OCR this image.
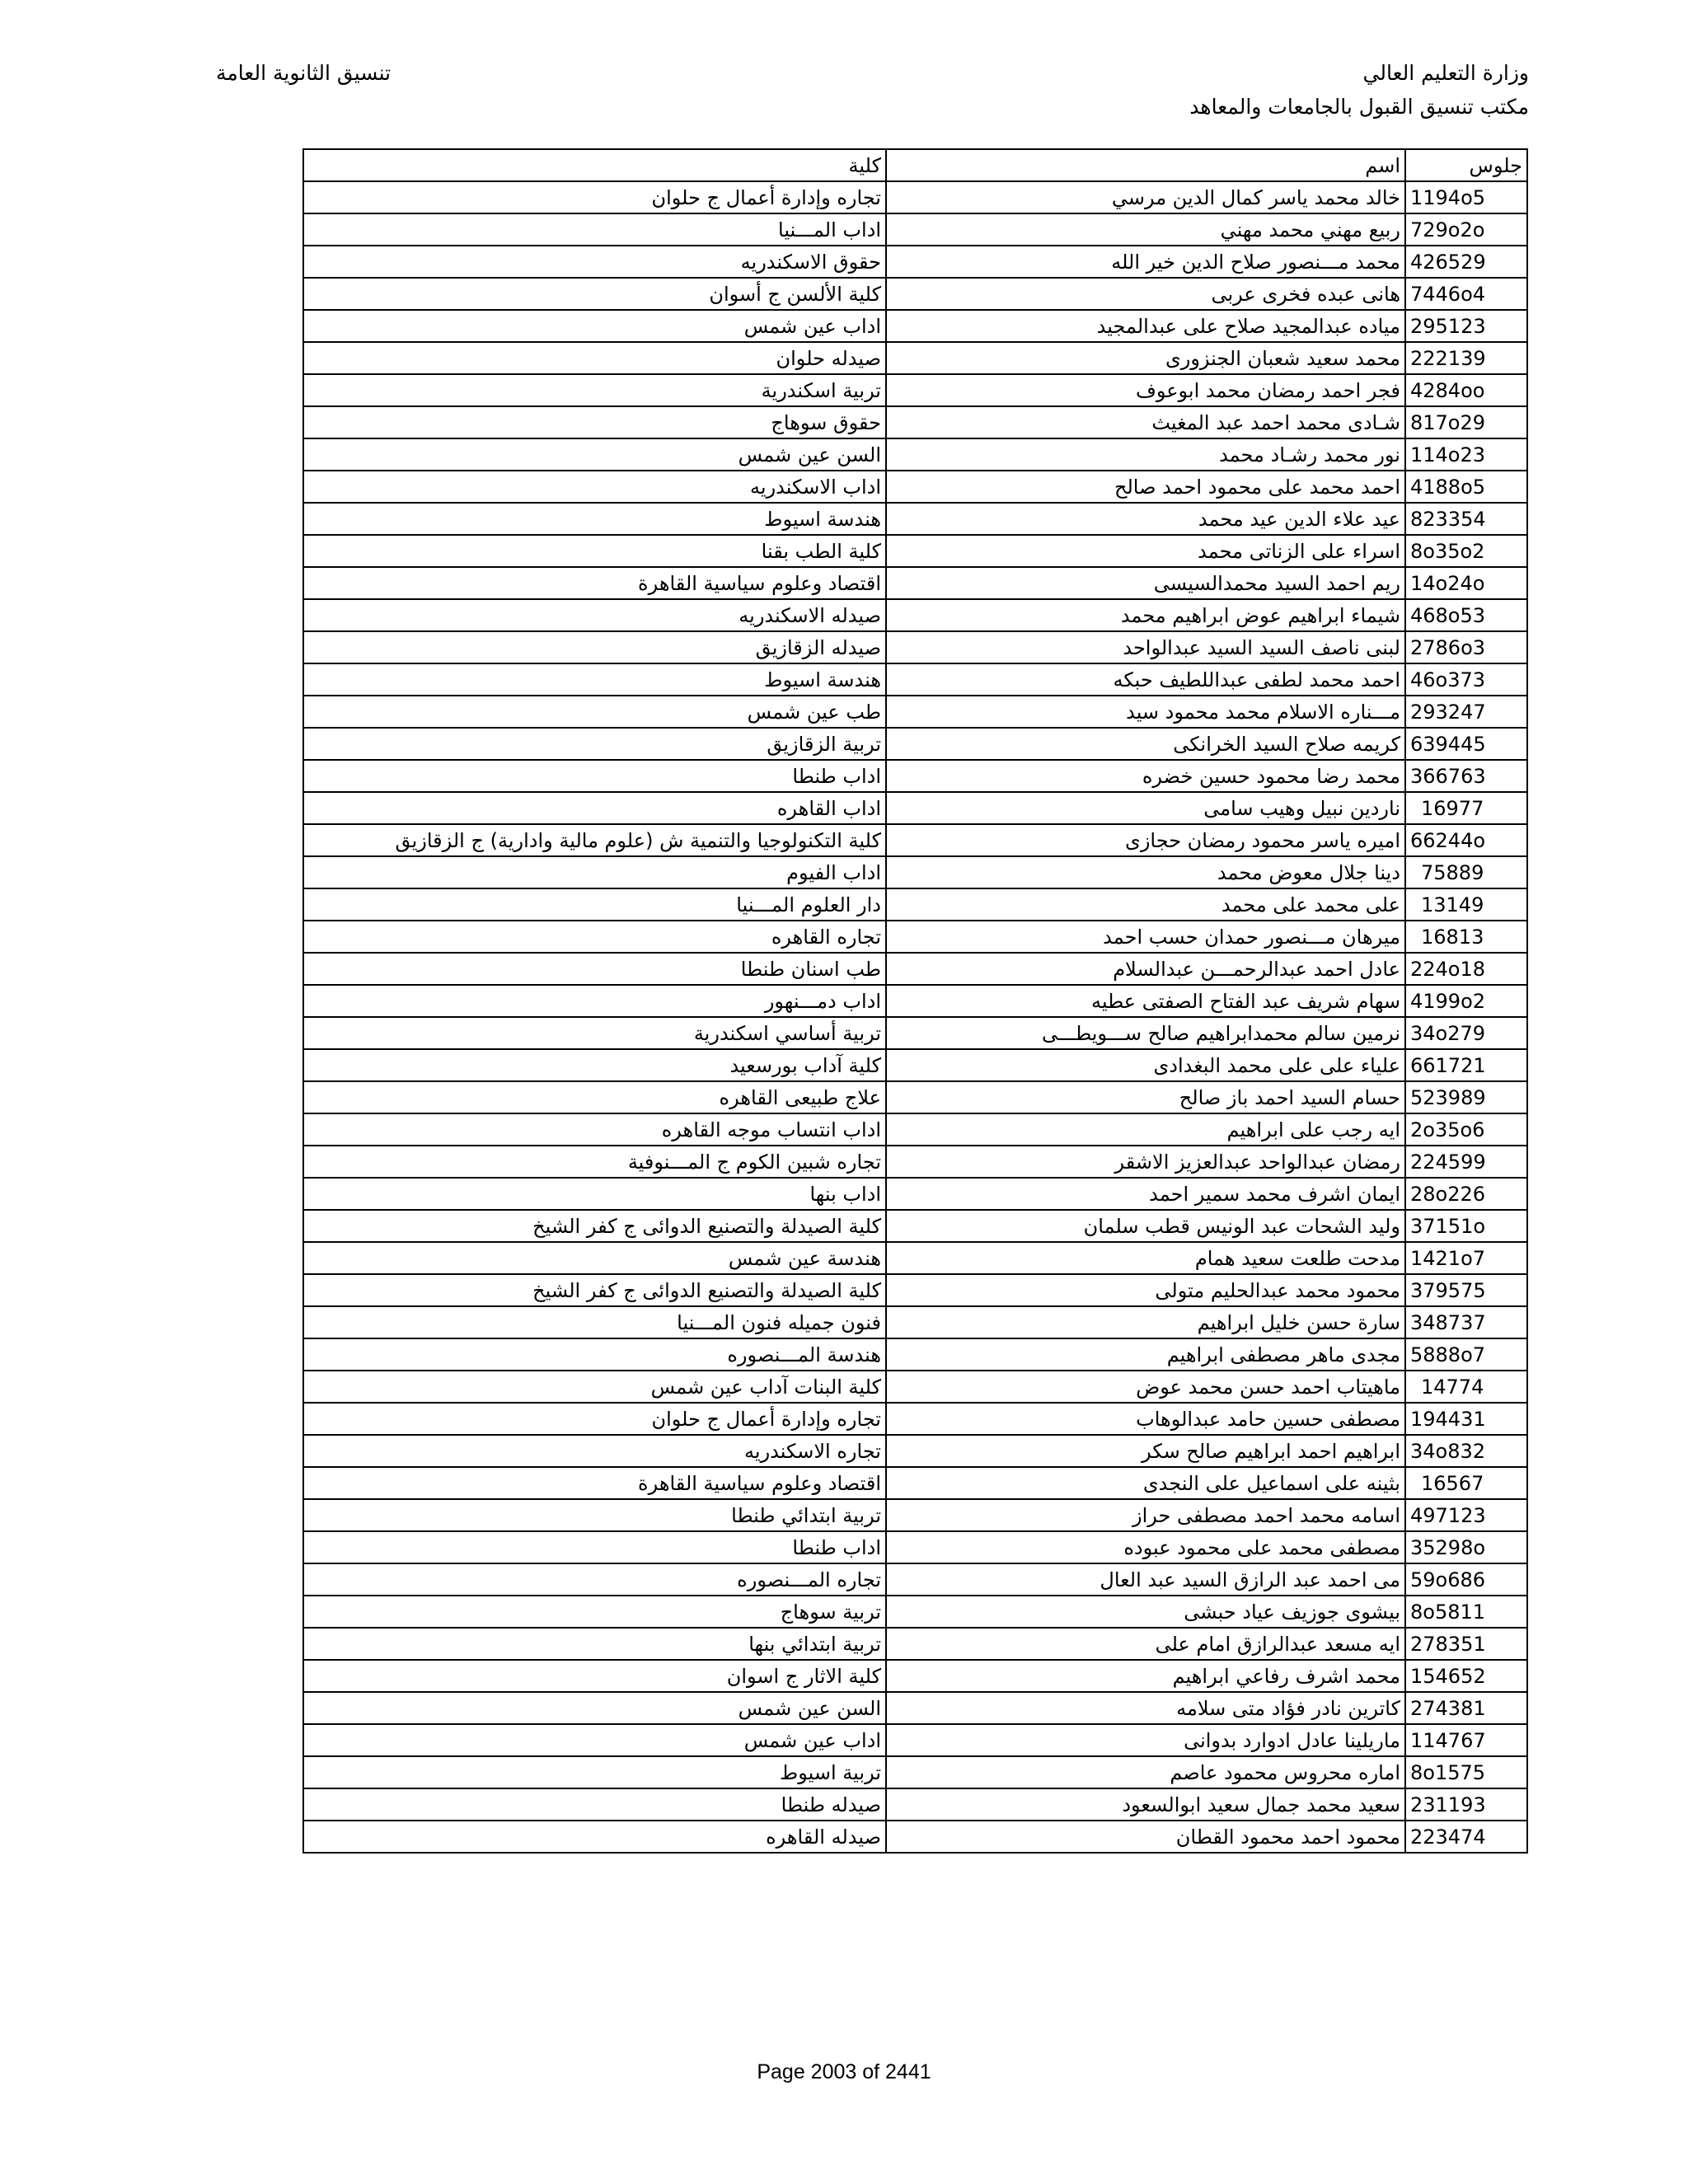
وزارة التعليم العالي
مكتب تنسيق القبول بالجامعات والمعاهد
تنسيق الثانوية العامة
كلية	اسم	جلوس
تجاره وإدارة أعمال ج حلوان	خالد محمد ياسر كمال الدين مرسي	1194o5
اداب المـــنيا	ربيع مهني محمد مهني	729o2o
حقوق الاسكندريه	محمد مـــنصور صلاح الدين خير الله	426529
كلية الألسن ج أسوان	هانى عبده فخرى عربى	7446o4
اداب عين شمس	مياده عبدالمجيد صلاح على عبدالمجيد	295123
صيدله حلوان	محمد سعيد شعبان الجنزورى	222139
تربية اسكندرية	فجر احمد رمضان محمد ابوعوف	4284oo
حقوق سوهاج	شـادى محمد احمد عبد المغيث	817o29
السن عين شمس	نور محمد رشـاد محمد	114o23
اداب الاسكندريه	احمد محمد على محمود احمد صالح	4188o5
هندسة اسيوط	عيد علاء الدين عيد محمد	823354
كلية الطب بقنا	اسراء على الزناتى محمد	8o35o2
اقتصاد وعلوم سياسية القاهرة	ريم احمد السيد محمدالسيسى	14o24o
صيدله الاسكندريه	شيماء ابراهيم عوض ابراهيم محمد	468o53
صيدله الزقازيق	لبنى ناصف السيد السيد عبدالواحد	2786o3
هندسة اسيوط	احمد محمد لطفى عبداللطيف حبكه	46o373
طب عين شمس	مـــناره الاسلام محمد محمود سيد	293247
تربية الزقازيق	كريمه صلاح السيد الخرانكى	639445
اداب طنطا	محمد رضا محمود حسين خضره	366763
اداب القاهره	ناردين نبيل وهيب سامى	16977
كلية التكنولوجيا والتنمية ش (علوم مالية وادارية) ج الزقازيق	اميره ياسر محمود رمضان حجازى	66244o
اداب الفيوم	دينا جلال معوض محمد	75889
دار العلوم المـــنيا	على محمد على محمد	13149
تجاره القاهره	ميرهان مـــنصور حمدان حسب احمد	16813
طب اسنان طنطا	عادل احمد عبدالرحمـــن عبدالسلام	224o18
اداب دمـــنهور	سهام شريف عبد الفتاح الصفتى عطيه	4199o2
تربية أساسي اسكندرية	نرمين سالم محمدابراهيم صالح ســـويطـــى	34o279
كلية آداب بورسعيد	علياء على على محمد البغدادى	661721
علاج طبيعى القاهره	حسام السيد احمد باز صالح	523989
اداب انتساب موجه القاهره	ايه رجب على ابراهيم	2o35o6
تجاره شبين الكوم ج المـــنوفية	رمضان عبدالواحد عبدالعزيز الاشقر	224599
اداب بنها	ايمان اشرف محمد سمير احمد	28o226
كلية الصيدلة والتصنيع الدوائى ج كفر الشيخ	وليد الشحات عبد الونيس قطب سلمان	37151o
هندسة عين شمس	مدحت طلعت سعيد همام	1421o7
كلية الصيدلة والتصنيع الدوائى ج كفر الشيخ	محمود محمد عبدالحليم متولى	379575
فنون جميله فنون المـــنيا	سارة حسن خليل ابراهيم	348737
هندسة المـــنصوره	مجدى ماهر مصطفى ابراهيم	5888o7
كلية البنات آداب عين شمس	ماهيتاب احمد حسن محمد عوض	14774
تجاره وإدارة أعمال ج حلوان	مصطفى حسين حامد عبدالوهاب	194431
تجاره الاسكندريه	ابراهيم احمد ابراهيم صالح سكر	34o832
اقتصاد وعلوم سياسية القاهرة	بثينه على اسماعيل على النجدى	16567
تربية ابتدائي طنطا	اسامه محمد احمد مصطفى حراز	497123
اداب طنطا	مصطفى محمد على محمود عبوده	35298o
تجاره المـــنصوره	مى احمد عبد الرازق السيد عبد العال	59o686
تربية سوهاج	بيشوى جوزيف عياد حبشى	8o5811
تربية ابتدائي بنها	ايه مسعد عبدالرازق امام على	278351
كلية الاثار ج اسوان	محمد اشرف رفاعي ابراهيم	154652
السن عين شمس	كاترين نادر فؤاد متى سلامه	274381
اداب عين شمس	ماريلينا عادل ادوارد بدوانى	114767
تربية اسيوط	اماره محروس محمود عاصم	8o1575
صيدله طنطا	سعيد محمد جمال سعيد ابوالسعود	231193
صيدله القاهره	محمود احمد محمود القطان	223474
Page 2003 of 2441
